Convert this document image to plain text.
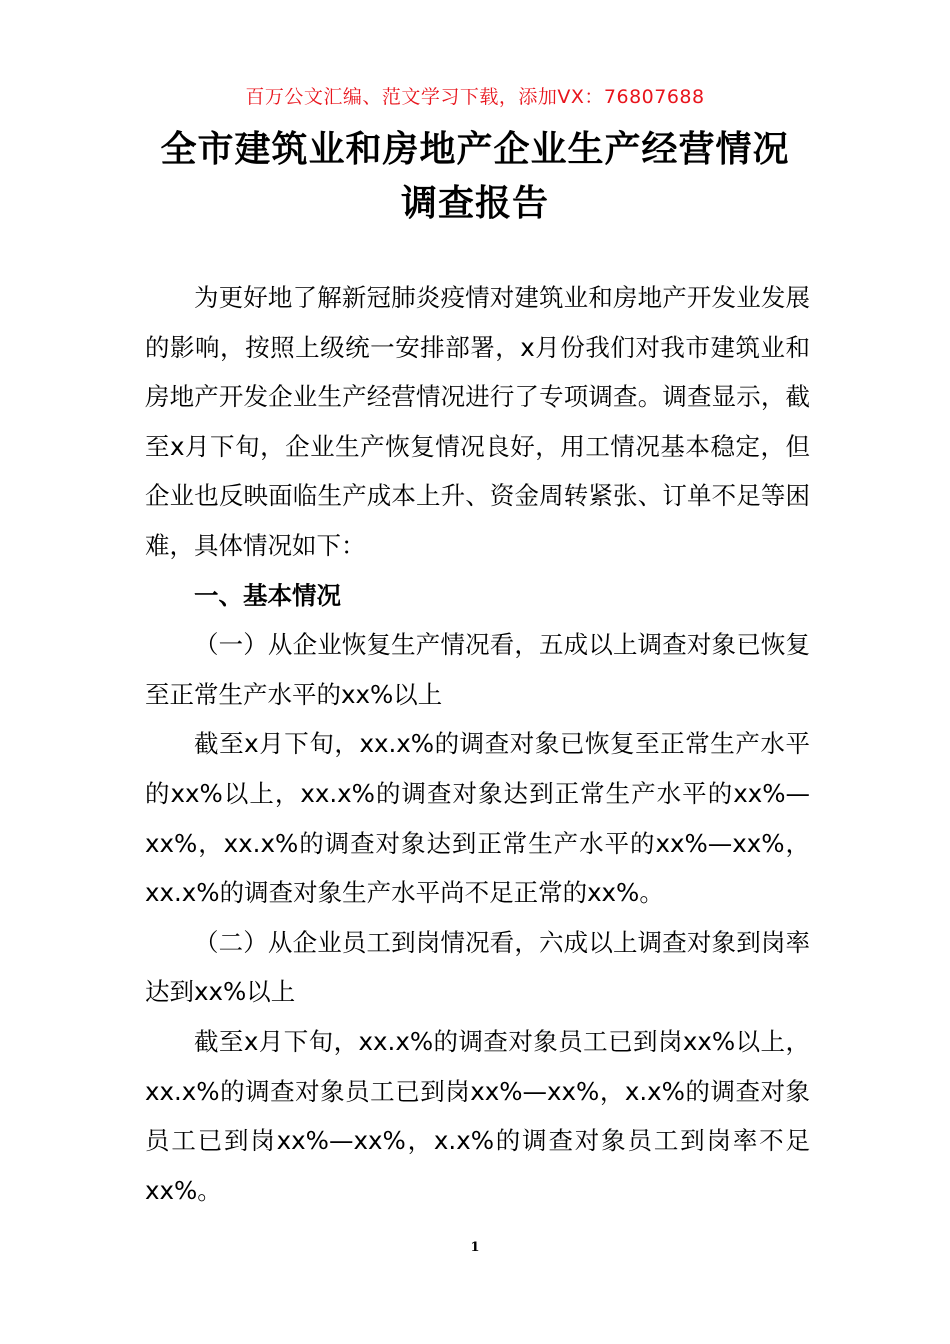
百万公文汇编、范文学习下载，添加VX：76807688
全市建筑业和房地产企业生产经营情况调查报告

为更好地了解新冠肺炎疫情对建筑业和房地产开发业发展的影响，按照上级统一安排部署，x月份我们对我市建筑业和房地产开发企业生产经营情况进行了专项调查。调查显示，截至x月下旬，企业生产恢复情况良好，用工情况基本稳定，但企业也反映面临生产成本上升、资金周转紧张、订单不足等困难，具体情况如下：

一、基本情况

（一）从企业恢复生产情况看，五成以上调查对象已恢复至正常生产水平的xx%以上

截至x月下旬，xx.x%的调查对象已恢复至正常生产水平的xx%以上，xx.x%的调查对象达到正常生产水平的xx%—xx%，xx.x%的调查对象达到正常生产水平的xx%—xx%，xx.x%的调查对象生产水平尚不足正常的xx%。

（二）从企业员工到岗情况看，六成以上调查对象到岗率达到xx%以上

截至x月下旬，xx.x%的调查对象员工已到岗xx%以上，xx.x%的调查对象员工已到岗xx%—xx%，x.x%的调查对象员工已到岗xx%—xx%，x.x%的调查对象员工到岗率不足xx%。

1
